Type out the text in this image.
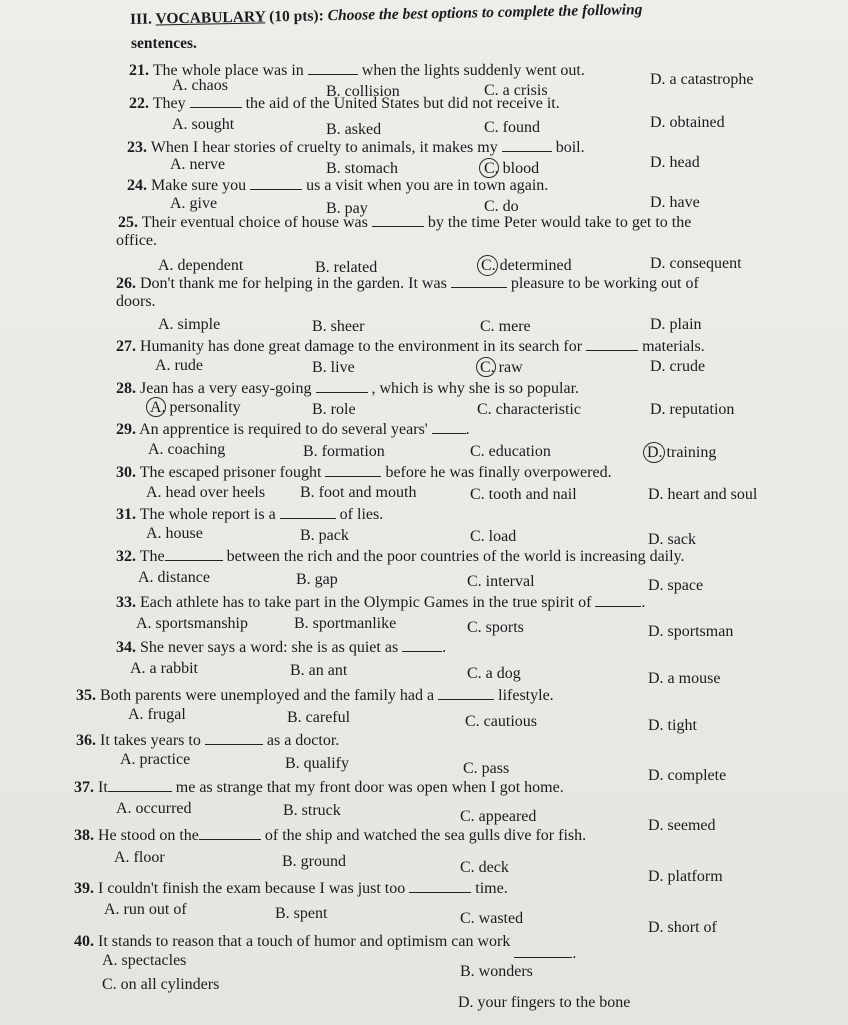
III. VOCABULARY (10 pts): Choose the best options to complete the following
sentences.
21. The whole place was in	when the lights suddenly went out.
A. chaos	B. collision	C. a crisis
D. a catastrophe
22. They	the aid of the United States but did not receive it.
A. sought	B. asked	C. found	D. obtained
23. When I hear stories of cruelty to animals, it makes my	boil.
A. nerve	B. stomach	C. blood	D. head
24. Make sure you	us a visit when you are in town again.
A. give	B. pay	C. do	D. have
25. Their eventual choice of house was	by the time Peter would take to get to the
office.
A. dependent	B. related	C. determined	D. consequent
26. Don't thank me for helping in the garden. It was	pleasure to be working out of
doors.
A. simple	B. sheer	C. mere	D. plain
27. Humanity has done great damage to the environment in its search for	materials.
A. rude	B. live	C. raw	D. crude
28. Jean has a very easy-going	, which is why she is so popular.
A. personality	B. role	C. characteristic	D. reputation
29. An apprentice is required to do several years' .
A. coaching	B. formation	C. education	D. training
30. The escaped prisoner fought	before he was finally overpowered.
A. head over heels B. foot and mouth	C. tooth and nail	D. heart and soul
31. The whole report is a	of lies.
A. house	B. pack	C. load	D. sack
32. The	between the rich and the poor countries of the world is increasing daily.
A. distance	B. gap	C. interval	D. space
33. Each athlete has to take part in the Olympic Games in the true spirit of	.
A. sportsmanship	B. sportmanlike	C. sports	D. sportsman
34. She never says a word: she is as quiet as	.
A. a rabbit	B. an ant	C. a dog	D. a mouse
35. Both parents were unemployed and the family had a	lifestyle.
A. frugal	B. careful	C. cautious	D. tight
36. It takes years to	as a doctor.
A. practice	B. qualify	C. pass	D. complete
37. It	me as strange that my front door was open when I got home.
A. occurred	B. struck	C. appeared
D. seemed
38. He stood on the	of the ship and watched the sea gulls dive for fish.
A. floor	B. ground	C. deck
D. platform
39. I couldn't finish the exam because I was just too	time.
A. run out of	B. spent	C. wasted
D. short of
40. It stands to reason that a touch of humor and optimism can work .
A. spectacles
B. wonders
C. on all cylinders
D. your fingers to the bone
